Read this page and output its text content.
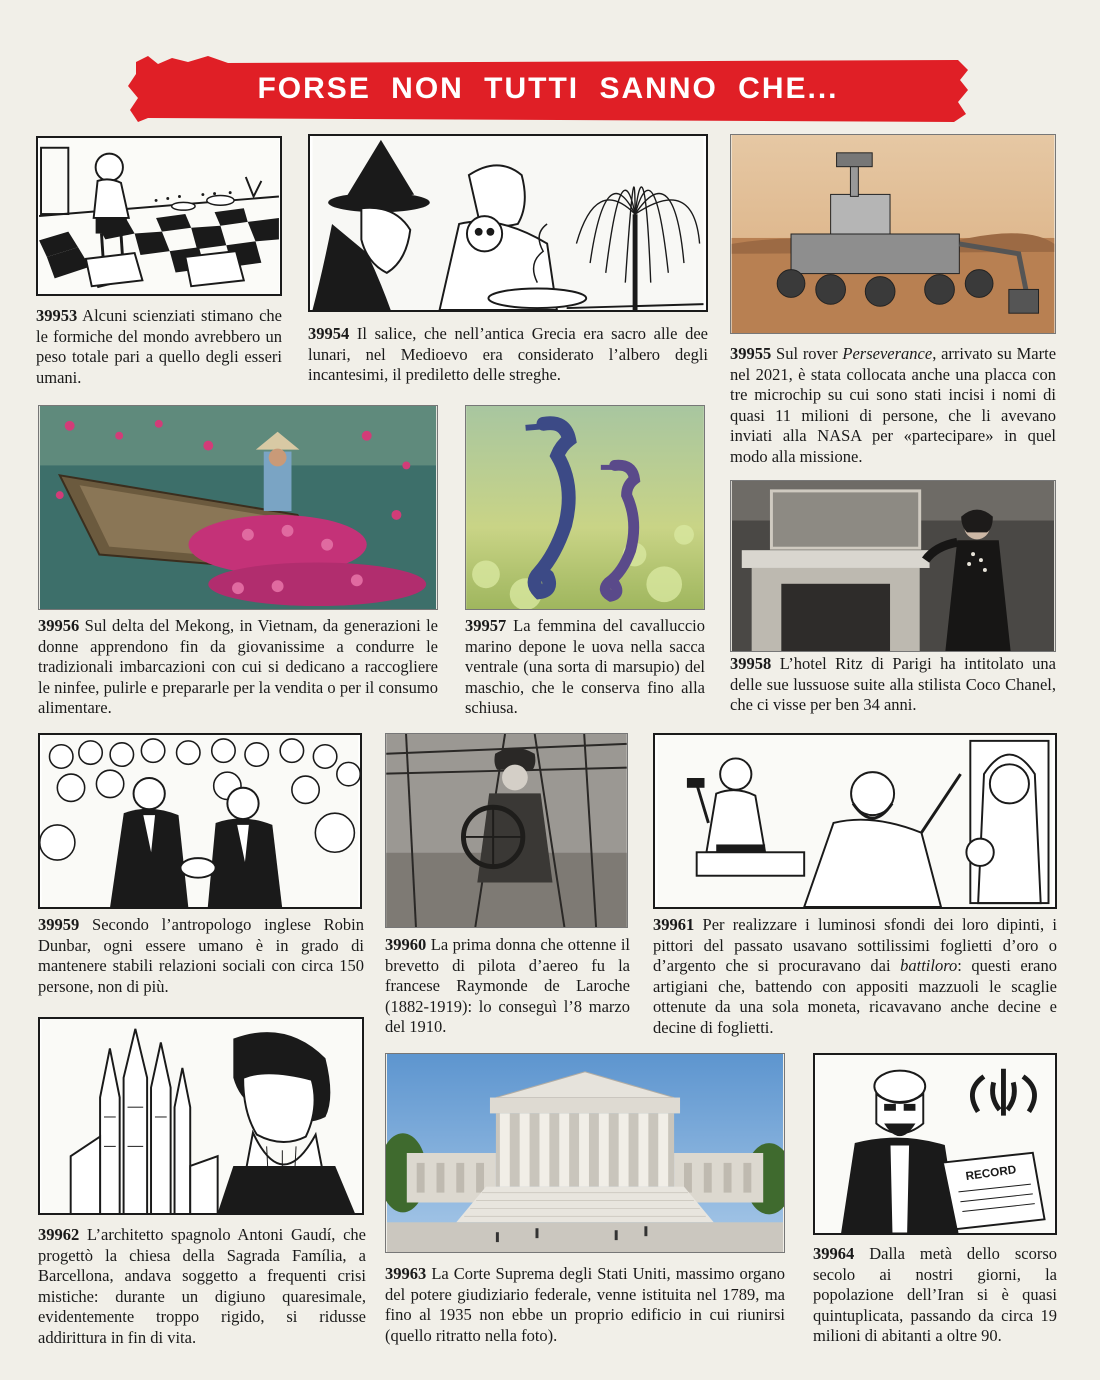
FORSE NON TUTTI SANNO CHE...
39953 Alcuni scienziati stimano che le formiche del mondo avrebbero un peso totale pari a quello degli esseri umani.
39954 Il salice, che nell’antica Grecia era sacro alle dee lunari, nel Medioevo era considerato l’albero degli incantesimi, il prediletto delle streghe.
39955 Sul rover Perseverance, arrivato su Marte nel 2021, è stata collocata anche una placca con tre microchip su cui sono stati incisi i nomi di quasi 11 milioni di persone, che li avevano inviati alla NASA per «partecipare» in quel modo alla missione.
39956 Sul delta del Mekong, in Vietnam, da generazioni le donne apprendono fin da giovanissime a condurre le tradizionali imbarcazioni con cui si dedicano a raccogliere le ninfee, pulirle e prepararle per la vendita o per il consumo alimentare.
39957 La femmina del cavalluccio marino depone le uova nella sacca ventrale (una sorta di marsupio) del maschio, che le conserva fino alla schiusa.
39958 L’hotel Ritz di Parigi ha intitolato una delle sue lussuose suite alla stilista Coco Chanel, che ci visse per ben 34 anni.
39959 Secondo l’antropologo inglese Robin Dunbar, ogni essere umano è in grado di mantenere stabili relazioni sociali con circa 150 persone, non di più.
39960 La prima donna che ottenne il brevetto di pilota d’aereo fu la francese Raymonde de Laroche (1882-1919): lo conseguì l’8 marzo del 1910.
39961 Per realizzare i luminosi sfondi dei loro dipinti, i pittori del passato usavano sottilissimi foglietti d’oro o d’argento che si procuravano dai battiloro: questi erano artigiani che, battendo con appositi mazzuoli le scaglie ottenute da una sola moneta, ricavavano anche decine e decine di foglietti.
39962 L’architetto spagnolo Antoni Gaudí, che progettò la chiesa della Sagrada Família, a Barcellona, andava soggetto a frequenti crisi mistiche: durante un digiuno quaresimale, evidentemente troppo rigido, si ridusse addirittura in fin di vita.
39963 La Corte Suprema degli Stati Uniti, massimo organo del potere giudiziario federale, venne istituita nel 1789, ma fino al 1935 non ebbe un proprio edificio in cui riunirsi (quello ritratto nella foto).
RECORD
39964 Dalla metà dello scorso secolo ai nostri giorni, la popolazione dell’Iran si è quasi quintuplicata, passando da circa 19 milioni di abitanti a oltre 90.
